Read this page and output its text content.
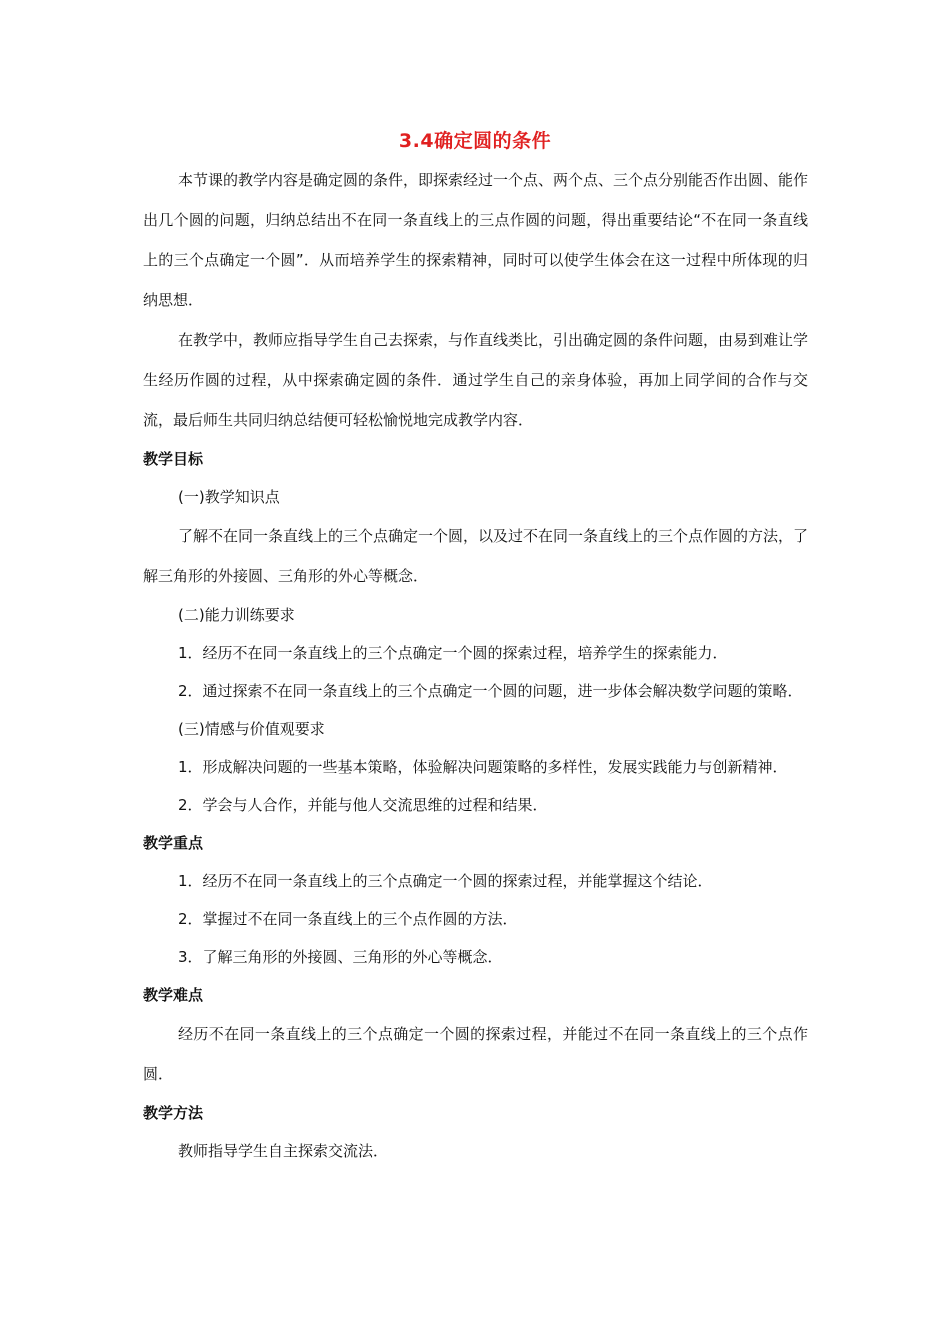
3.4确定圆的条件

本节课的教学内容是确定圆的条件，即探索经过一个点、两个点、三个点分别能否作出圆、能作出几个圆的问题，归纳总结出不在同一条直线上的三点作圆的问题，得出重要结论“不在同一条直线上的三个点确定一个圆”．从而培养学生的探索精神，同时可以使学生体会在这一过程中所体现的归纳思想．

在教学中，教师应指导学生自己去探索，与作直线类比，引出确定圆的条件问题，由易到难让学生经历作圆的过程，从中探索确定圆的条件．通过学生自己的亲身体验，再加上同学间的合作与交流，最后师生共同归纳总结便可轻松愉悦地完成教学内容．

教学目标

(一)教学知识点

了解不在同一条直线上的三个点确定一个圆，以及过不在同一条直线上的三个点作圆的方法，了解三角形的外接圆、三角形的外心等概念．

(二)能力训练要求

1．经历不在同一条直线上的三个点确定一个圆的探索过程，培养学生的探索能力．

2．通过探索不在同一条直线上的三个点确定一个圆的问题，进一步体会解决数学问题的策略．

(三)情感与价值观要求

1．形成解决问题的一些基本策略，体验解决问题策略的多样性，发展实践能力与创新精神．

2．学会与人合作，并能与他人交流思维的过程和结果．

教学重点

1．经历不在同一条直线上的三个点确定一个圆的探索过程，并能掌握这个结论．

2．掌握过不在同一条直线上的三个点作圆的方法．

3．了解三角形的外接圆、三角形的外心等概念．

教学难点

经历不在同一条直线上的三个点确定一个圆的探索过程，并能过不在同一条直线上的三个点作圆．

教学方法

教师指导学生自主探索交流法．
